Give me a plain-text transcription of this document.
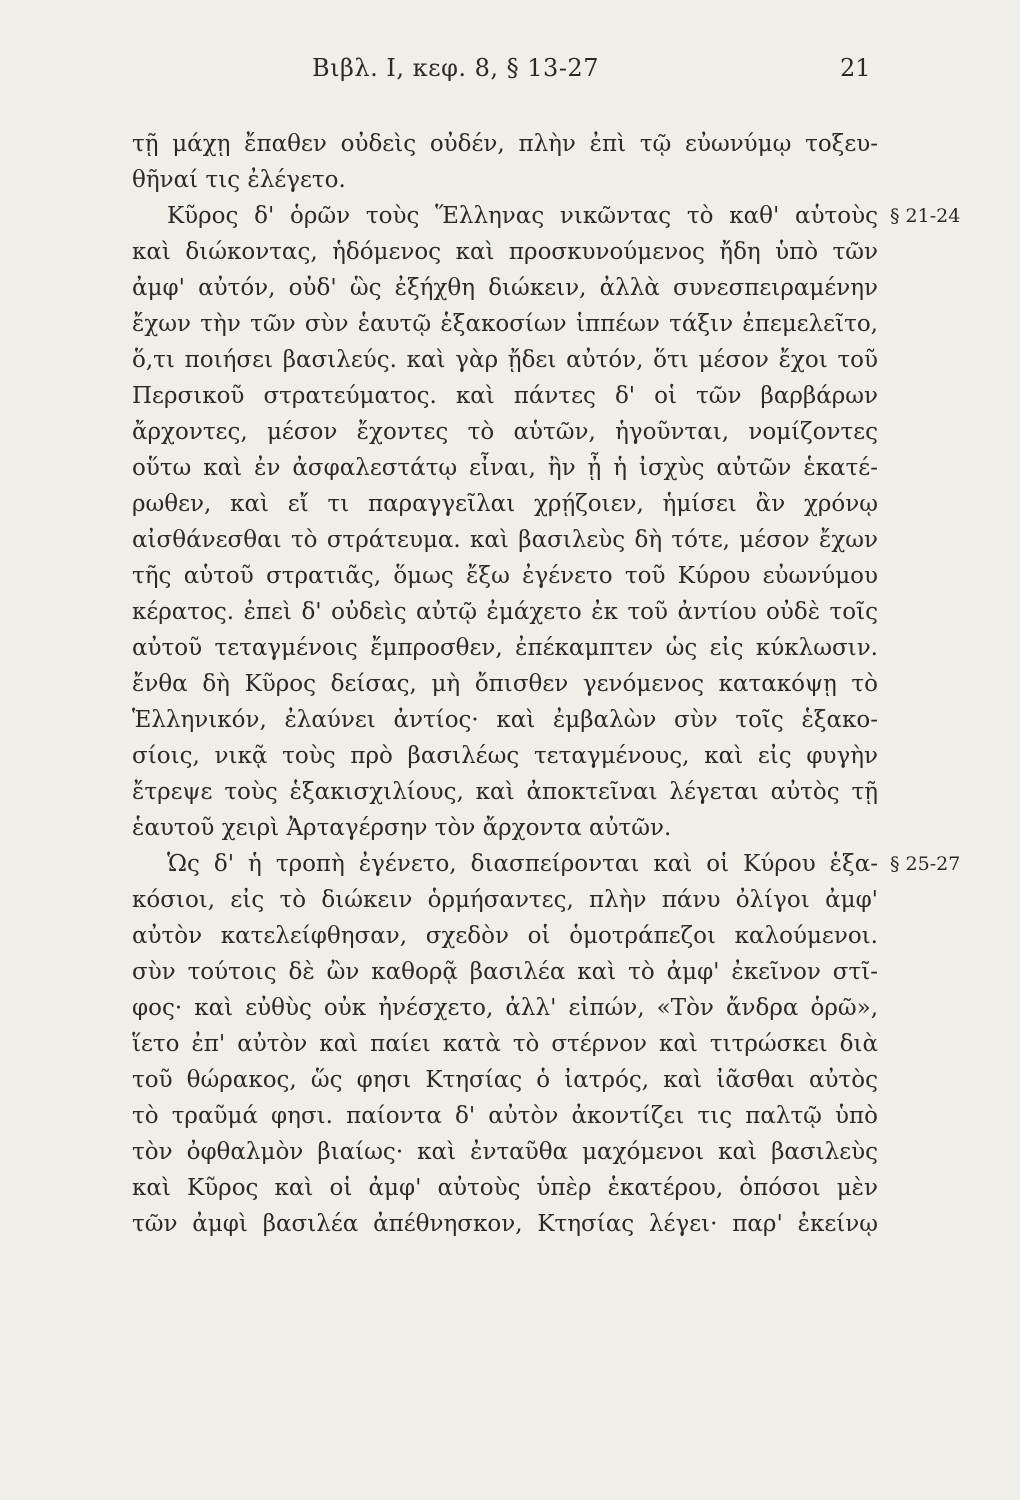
Βιβλ. I, κεφ. 8, § 13-27	21
τῇ μάχῃ ἔπαθεν οὐδεὶς οὐδέν, πλὴν ἐπὶ τῷ εὐωνύμῳ τοξευ-
θῆναί τις ἐλέγετο.
Κῦρος δ' ὁρῶν τοὺς Ἕλληνας νικῶντας τὸ καθ' αὑτοὺς § 21-24
καὶ διώκοντας, ἡδόμενος καὶ προσκυνούμενος ἤδη ὑπὸ τῶν
ἀμφ' αὐτόν, οὐδ' ὣς ἐξήχθη διώκειν, ἀλλὰ συνεσπειραμένην
ἔχων τὴν τῶν σὺν ἑαυτῷ ἑξακοσίων ἱππέων τάξιν ἐπεμελεῖτο,
ὅ,τι ποιήσει βασιλεύς. καὶ γὰρ ᾔδει αὐτόν, ὅτι μέσον ἔχοι τοῦ
Περσικοῦ στρατεύματος. καὶ πάντες δ' οἱ τῶν βαρβάρων
ἄρχοντες, μέσον ἔχοντες τὸ αὑτῶν, ἡγοῦνται, νομίζοντες
οὕτω καὶ ἐν ἀσφαλεστάτῳ εἶναι, ἢν ᾖ ἡ ἰσχὺς αὐτῶν ἑκατέ-
ρωθεν, καὶ εἴ τι παραγγεῖλαι χρῄζοιεν, ἡμίσει ἂν χρόνῳ
αἰσθάνεσθαι τὸ στράτευμα. καὶ βασιλεὺς δὴ τότε, μέσον ἔχων
τῆς αὑτοῦ στρατιᾶς, ὅμως ἔξω ἐγένετο τοῦ Κύρου εὐωνύμου
κέρατος. ἐπεὶ δ' οὐδεὶς αὐτῷ ἐμάχετο ἐκ τοῦ ἀντίου οὐδὲ τοῖς
αὐτοῦ τεταγμένοις ἔμπροσθεν, ἐπέκαμπτεν ὡς εἰς κύκλωσιν.
ἔνθα δὴ Κῦρος δείσας, μὴ ὄπισθεν γενόμενος κατακόψῃ τὸ
Ἑλληνικόν, ἐλαύνει ἀντίος· καὶ ἐμβαλὼν σὺν τοῖς ἑξακο-
σίοις, νικᾷ τοὺς πρὸ βασιλέως τεταγμένους, καὶ εἰς φυγὴν
ἔτρεψε τοὺς ἑξακισχιλίους, καὶ ἀποκτεῖναι λέγεται αὐτὸς τῇ
ἑαυτοῦ χειρὶ Ἀρταγέρσην τὸν ἄρχοντα αὐτῶν.
Ὡς δ' ἡ τροπὴ ἐγένετο, διασπείρονται καὶ οἱ Κύρου ἑξα- § 25-27
κόσιοι, εἰς τὸ διώκειν ὁρμήσαντες, πλὴν πάνυ ὀλίγοι ἀμφ'
αὐτὸν κατελείφθησαν, σχεδὸν οἱ ὁμοτράπεζοι καλούμενοι.
σὺν τούτοις δὲ ὢν καθορᾷ βασιλέα καὶ τὸ ἀμφ' ἐκεῖνον στῖ-
φος· καὶ εὐθὺς οὐκ ἠνέσχετο, ἀλλ' εἰπών, «Τὸν ἄνδρα ὁρῶ»,
ἵετο ἐπ' αὐτὸν καὶ παίει κατὰ τὸ στέρνον καὶ τιτρώσκει διὰ
τοῦ θώρακος, ὥς φησι Κτησίας ὁ ἰατρός, καὶ ἰᾶσθαι αὐτὸς
τὸ τραῦμά φησι. παίοντα δ' αὐτὸν ἀκοντίζει τις παλτῷ ὑπὸ
τὸν ὀφθαλμὸν βιαίως· καὶ ἐνταῦθα μαχόμενοι καὶ βασιλεὺς
καὶ Κῦρος καὶ οἱ ἀμφ' αὐτοὺς ὑπὲρ ἑκατέρου, ὁπόσοι μὲν
τῶν ἀμφὶ βασιλέα ἀπέθνησκον, Κτησίας λέγει· παρ' ἐκείνῳ
